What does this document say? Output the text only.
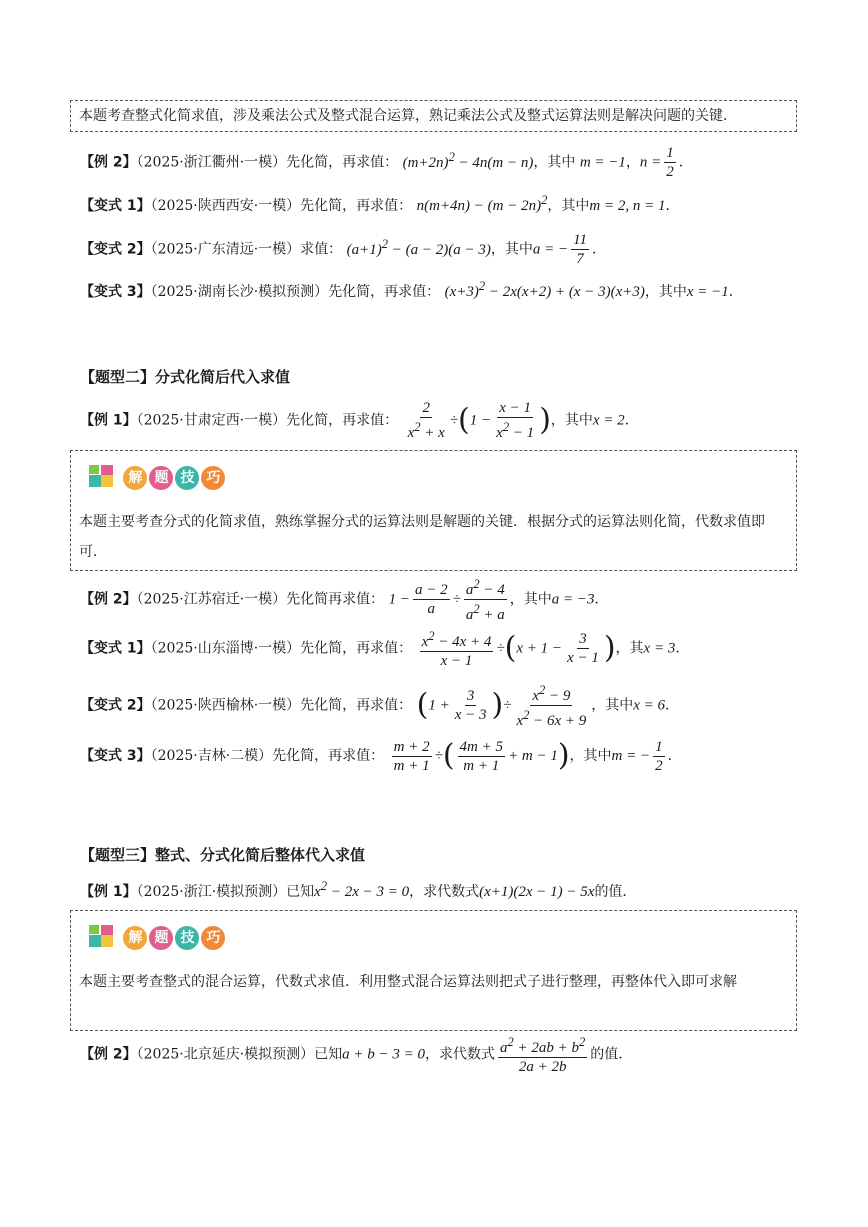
本题考查整式化简求值，涉及乘法公式及整式混合运算，熟记乘法公式及整式运算法则是解决问题的关键．
【例 2】（2025·浙江衢州·一模）先化简，再求值： $(m+2n)^2 - 4n(m - n)$，其中 m = −1，$n = \frac{1}{2}$ ．
【变式 1】（2025·陕西西安·一模）先化简，再求值： $n(m+4n) - (m - 2n)^2$，其中m = 2, n = 1．
【变式 2】（2025·广东清远·一模）求值： $(a+1)^2 - (a - 2)(a - 3)$，其中a = − $\frac{11}{7}$ ．
【变式 3】（2025·湖南长沙·模拟预测）先化简，再求值： $(x+3)^2 - 2x(x+2) + (x - 3)(x+3)$，其中x = −1．
【题型二】分式化简后代入求值
【例 1】（2025·甘肃定西·一模）先化简，再求值： $\frac{2}{x^2 + x} \div(1 - \frac{x - 1}{x^2 - 1}$ )，其中x = 2．
解 题 技 巧
本题主要考查分式的化简求值，熟练掌握分式的运算法则是解题的关键．根据分式的运算法则化简，代数求值即可．
【例 2】（2025·江苏宿迁·一模）先化简再求值： $1 - \frac{a - 2}{a} \div \frac{a^2 - 4}{a^2 + a}$ ，其中a = −3．
【变式 1】（2025·山东淄博·一模）先化简，再求值： $\frac{x^2 - 4x + 4}{x - 1} \div(x + 1 - \frac{3}{x - 1}$ )，其x = 3．
【变式 2】（2025·陕西榆林·一模）先化简，再求值： ($1 + \frac{3}{x - 3}$ )÷ $\frac{x^2 - 9}{x^2 - 6x + 9}$ ，其中x = 6．
【变式 3】（2025·吉林·二模）先化简，再求值： $\frac{m + 2}{m + 1}$ ÷( $\frac{4m + 5}{m + 1} + m - 1$)，其中m = − $\frac{1}{2}$ ．
【题型三】整式、分式化简后整体代入求值
【例 1】（2025·浙江·模拟预测）已知$x^2 - 2x - 3 = 0$，求代数式(x+1)(2x − 1) − 5x的值．
解 题 技 巧
本题主要考查整式的混合运算，代数式求值．利用整式混合运算法则把式子进行整理，再整体代入即可求解
【例 2】（2025·北京延庆·模拟预测）已知a + b − 3 = 0，求代数式 $\frac{a^2 + 2ab + b^2}{2a + 2b}$ 的值．
